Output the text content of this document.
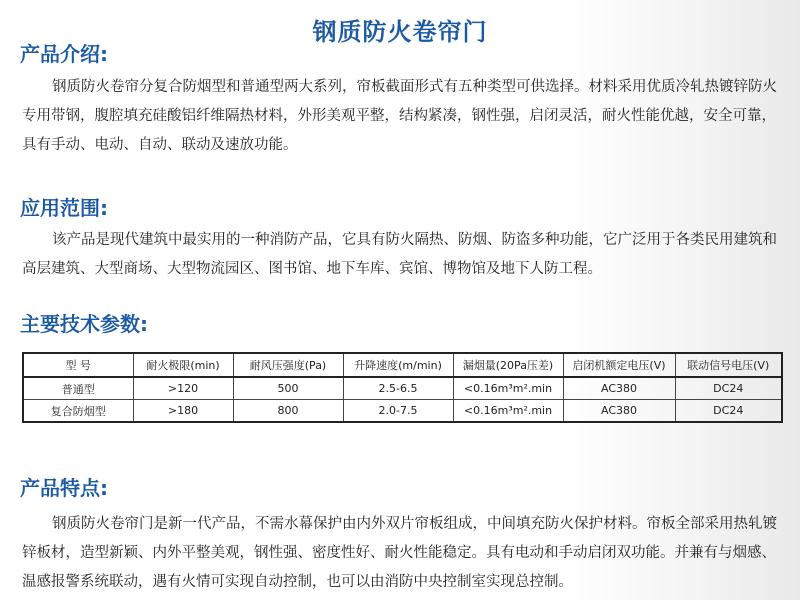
钢质防火卷帘门
产品介绍:
钢质防火卷帘分复合防烟型和普通型两大系列，帘板截面形式有五种类型可供选择。材料采用优质冷轧热镀锌防火专用带钢，腹腔填充硅酸铝纤维隔热材料，外形美观平整，结构紧凑，钢性强，启闭灵活，耐火性能优越，安全可靠，具有手动、电动、自动、联动及速放功能。
应用范围:
该产品是现代建筑中最实用的一种消防产品，它具有防火隔热、防烟、防盗多种功能，它广泛用于各类民用建筑和高层建筑、大型商场、大型物流园区、图书馆、地下车库、宾馆、博物馆及地下人防工程。
主要技术参数:
型 号	耐火极限(min)	耐风压强度(Pa)	升降速度(m/min)	漏烟量(20Pa压差)	启闭机额定电压(V)	联动信号电压(V)
普通型	>120	500	2.5-6.5	<0.16m³m².min	AC380	DC24
复合防烟型	>180	800	2.0-7.5	<0.16m³m².min	AC380	DC24
产品特点:
钢质防火卷帘门是新一代产品，不需水幕保护由内外双片帘板组成，中间填充防火保护材料。帘板全部采用热轧镀锌板材，造型新颖、内外平整美观，钢性强、密度性好、耐火性能稳定。具有电动和手动启闭双功能。并兼有与烟感、温感报警系统联动，遇有火情可实现自动控制，也可以由消防中央控制室实现总控制。
